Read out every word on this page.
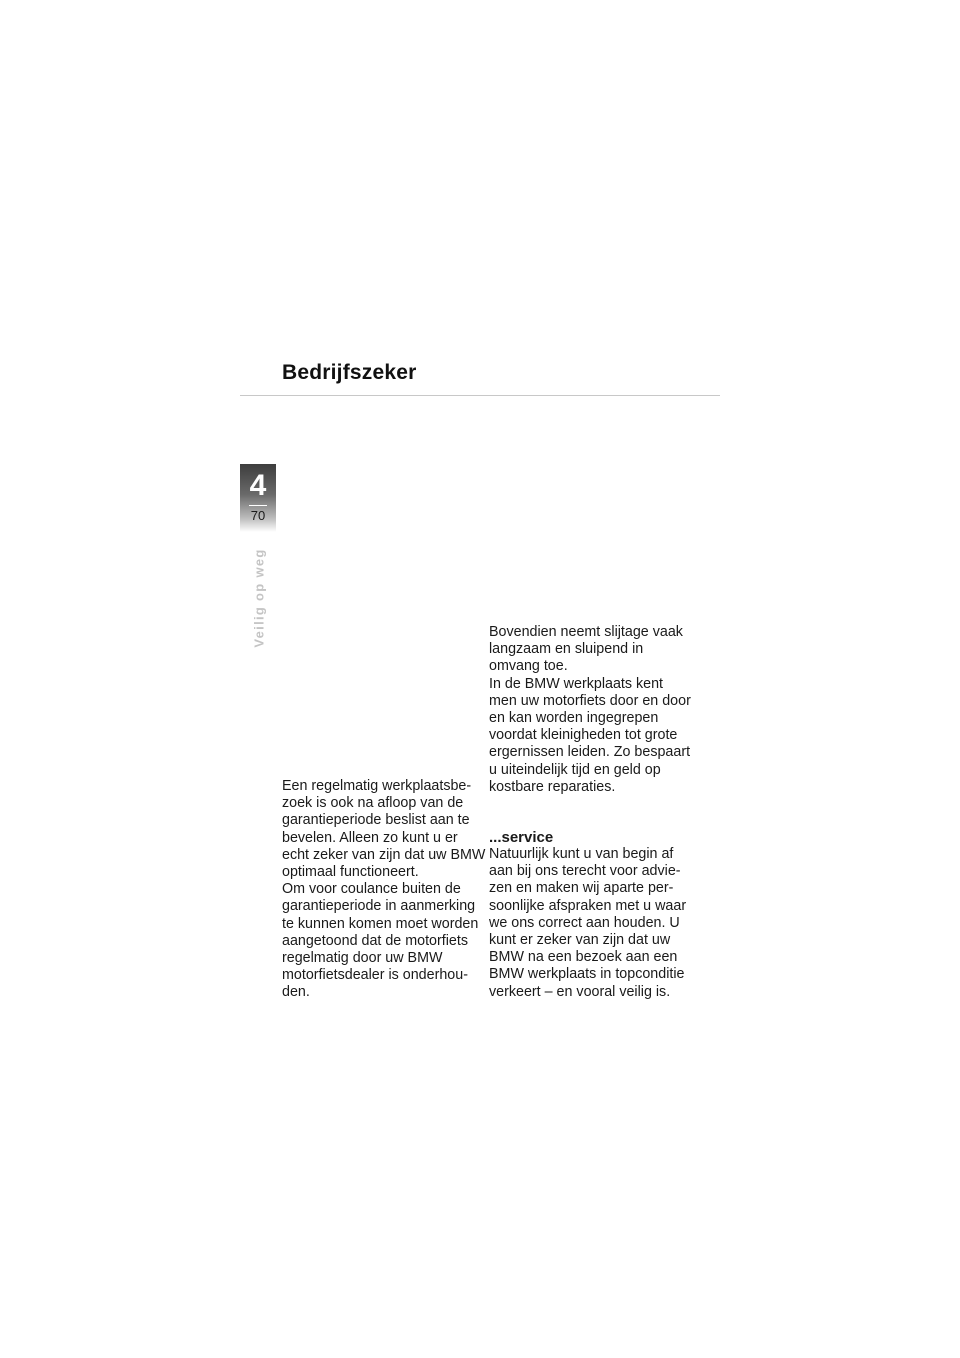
Bedrijfszeker
4
70
Veilig op weg

Een regelmatig werkplaatsbe-
zoek is ook na afloop van de
garantieperiode beslist aan te
bevelen. Alleen zo kunt u er
echt zeker van zijn dat uw BMW
optimaal functioneert.

Om voor coulance buiten de
garantieperiode in aanmerking
te kunnen komen moet worden
aangetoond dat de motorfiets
regelmatig door uw BMW
motorfietsdealer is onderhou-
den.

Bovendien neemt slijtage vaak
langzaam en sluipend in
omvang toe.

In de BMW werkplaats kent
men uw motorfiets door en door
en kan worden ingegrepen
voordat kleinigheden tot grote
ergernissen leiden. Zo bespaart
u uiteindelijk tijd en geld op
kostbare reparaties.

...service

Natuurlijk kunt u van begin af
aan bij ons terecht voor advie-
zen en maken wij aparte per-
soonlijke afspraken met u waar
we ons correct aan houden. U
kunt er zeker van zijn dat uw
BMW na een bezoek aan een
BMW werkplaats in topconditie
verkeert – en vooral veilig is.
